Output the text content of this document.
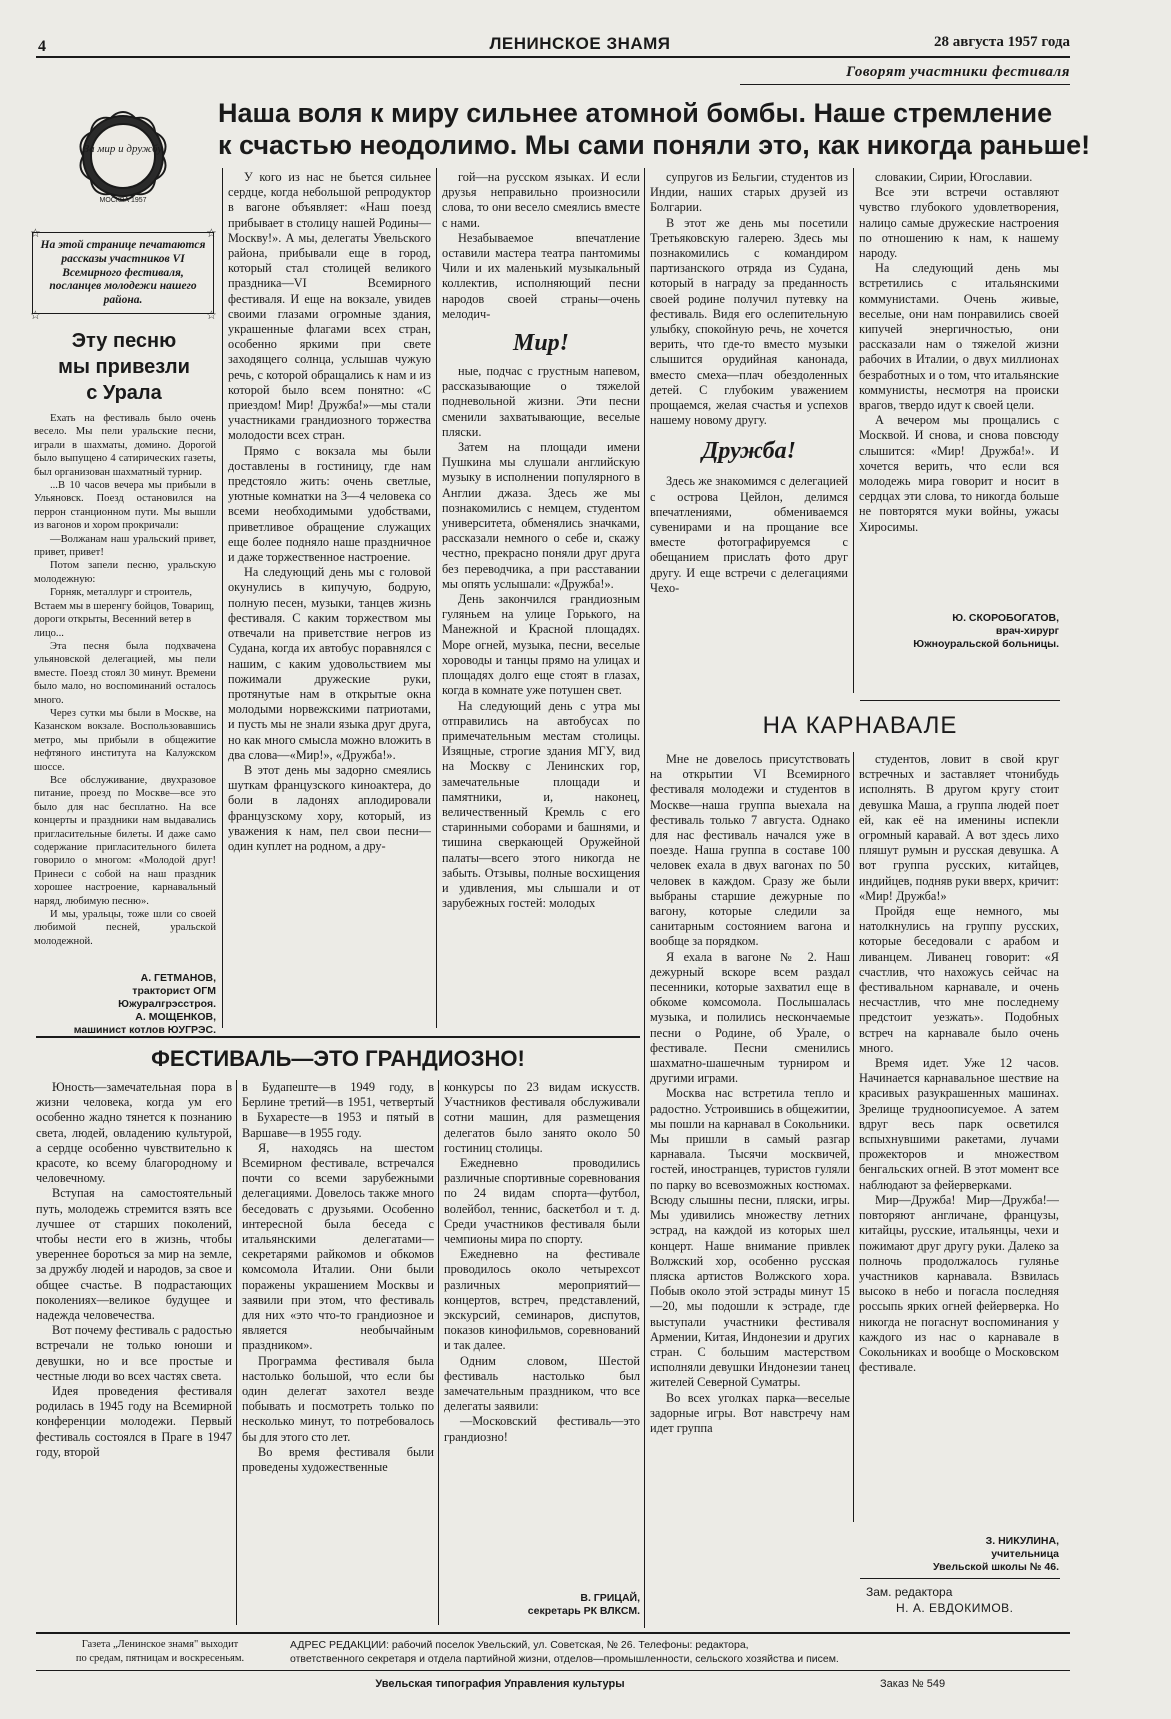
4	ЛЕНИНСКОЕ ЗНАМЯ	28 августа 1957 года
Говорят участники фестиваля
За мир и дружбу
МОСКВА 1957
Наша воля к миру сильнее атомной бомбы. Наше стремление
к счастью неодолимо. Мы сами поняли это, как никогда раньше!
На этой странице печатаются рассказы участников VI Всемирного фестиваля, посланцев молодежи нашего района.
☆	☆
☆	☆
Эту песню
мы привезли
с Урала

Ехать на фестиваль было очень весело. Мы пели уральские песни, играли в шахматы, домино. Дорогой было выпущено 4 сатирических газеты, был организован шахматный турнир.

...В 10 часов вечера мы прибыли в Ульяновск. Поезд остановился на перрон станционном пути. Мы вышли из вагонов и хором прокричали:

—Волжанам наш уральский привет, привет, привет!

Потом запели песню, уральскую молодежную:

Горняк, металлург и строитель, Встаем мы в шеренгу бойцов, Товарищ, дороги открыты, Весенний ветер в лицо...

Эта песня была подхвачена ульяновской делегацией, мы пели вместе. Поезд стоял 30 минут. Времени было мало, но воспоминаний осталось много.

Через сутки мы были в Москве, на Казанском вокзале. Воспользовавшись метро, мы прибыли в общежитие нефтяного института на Калужском шоссе.

Все обслуживание, двухразовое питание, проезд по Москве—все это было для нас бесплатно. На все концерты и праздники нам выдавались пригласительные билеты. И даже само содержание пригласительного билета говорило о многом: «Молодой друг! Принеси с собой на наш праздник хорошее настроение, карнавальный наряд, любимую песню».

И мы, уральцы, тоже шли со своей любимой песней, уральской молодежной.

А. ГЕТМАНОВ,
тракторист ОГМ Южуралгрэсстроя.
А. МОЩЕНКОВ,
машинист котлов ЮУГРЭС.

У кого из нас не бьется сильнее сердце, когда небольшой репродуктор в вагоне объявляет: «Наш поезд прибывает в столицу нашей Родины—Москву!». А мы, делегаты Увельского района, прибывали еще в город, который стал столицей великого праздника—VI Всемирного фестиваля. И еще на вокзале, увидев своими глазами огромные здания, украшенные флагами всех стран, особенно яркими при свете заходящего солнца, услышав чужую речь, с которой обращались к нам и из которой было всем понятно: «С приездом! Мир! Дружба!»—мы стали участниками грандиозного торжества молодости всех стран.

Прямо с вокзала мы были доставлены в гостиницу, где нам предстояло жить: очень светлые, уютные комнатки на 3—4 человека со всеми необходимыми удобствами, приветливое обращение служащих еще более подняло наше праздничное и даже торжественное настроение.

На следующий день мы с головой окунулись в кипучую, бодрую, полную песен, музыки, танцев жизнь фестиваля. С каким торжеством мы отвечали на приветствие негров из Судана, когда их автобус поравнялся с нашим, с каким удовольствием мы пожимали дружеские руки, протянутые нам в открытые окна молодыми норвежскими патриотами, и пусть мы не знали языка друг друга, но как много смысла можно вложить в два слова—«Мир!», «Дружба!».

В этот день мы задорно смеялись шуткам французского киноактера, до боли в ладонях аплодировали французскому хору, который, из уважения к нам, пел свои песни—один куплет на родном, а дру-

гой—на русском языках. И если друзья неправильно произносили слова, то они весело смеялись вместе с нами.

Незабываемое впечатление оставили мастера театра пантомимы Чили и их маленький музыкальный коллектив, исполняющий песни народов своей страны—очень мелодич-

Мир!

ные, подчас с грустным напевом, рассказывающие о тяжелой подневольной жизни. Эти песни сменили захватывающие, веселые пляски.

Затем на площади имени Пушкина мы слушали английскую музыку в исполнении популярного в Англии джаза. Здесь же мы познакомились с немцем, студентом университета, обменялись значками, рассказали немного о себе и, скажу честно, прекрасно поняли друг друга без переводчика, а при расставании мы опять услышали: «Дружба!».

День закончился грандиозным гуляньем на улице Горького, на Манежной и Красной площадях. Море огней, музыка, песни, веселые хороводы и танцы прямо на улицах и площадях долго еще стоят в глазах, когда в комнате уже потушен свет.

На следующий день с утра мы отправились на автобусах по примечательным местам столицы. Изящные, строгие здания МГУ, вид на Москву с Ленинских гор, замечательные площади и памятники, и, наконец, величественный Кремль с его старинными соборами и башнями, и тишина сверкающей Оружейной палаты—всего этого никогда не забыть. Отзывы, полные восхищения и удивления, мы слышали и от зарубежных гостей: молодых

супругов из Бельгии, студентов из Индии, наших старых друзей из Болгарии.

В этот же день мы посетили Третьяковскую галерею. Здесь мы познакомились с командиром партизанского отряда из Судана, который в награду за преданность своей родине получил путевку на фестиваль. Видя его ослепительную улыбку, спокойную речь, не хочется верить, что где-то вместо музыки слышится орудийная канонада, вместо смеха—плач обездоленных детей. С глубоким уважением прощаемся, желая счастья и успехов нашему новому другу.

Дружба!

Здесь же знакомимся с делегацией с острова Цейлон, делимся впечатлениями, обмениваемся сувенирами и на прощание все вместе фотографируемся с обещанием прислать фото друг другу. И еще встречи с делегациями Чехо-

словакии, Сирии, Югославии.

Все эти встречи оставляют чувство глубокого удовлетворения, налицо самые дружеские настроения по отношению к нам, к нашему народу.

На следующий день мы встретились с итальянскими коммунистами. Очень живые, веселые, они нам понравились своей кипучей энергичностью, они рассказали нам о тяжелой жизни рабочих в Италии, о двух миллионах безработных и о том, что итальянские коммунисты, несмотря на происки врагов, твердо идут к своей цели.

А вечером мы прощались с Москвой. И снова, и снова повсюду слышится: «Мир! Дружба!». И хочется верить, что если вся молодежь мира говорит и носит в сердцах эти слова, то никогда больше не повторятся муки войны, ужасы Хиросимы.

Ю. СКОРОБОГАТОВ,
врач-хирург
Южноуральской больницы.
НА КАРНАВАЛЕ

Мне не довелось присутствовать на открытии VI Всемирного фестиваля молодежи и студентов в Москве—наша группа выехала на фестиваль только 7 августа. Однако для нас фестиваль начался уже в поезде. Наша группа в составе 100 человек ехала в двух вагонах по 50 человек в каждом. Сразу же были выбраны старшие дежурные по вагону, которые следили за санитарным состоянием вагона и вообще за порядком.

Я ехала в вагоне № 2. Наш дежурный вскоре всем раздал песенники, которые захватил еще в обкоме комсомола. Послышалась музыка, и полились нескончаемые песни о Родине, об Урале, о фестивале. Песни сменились шахматно-шашечным турниром и другими играми.

Москва нас встретила тепло и радостно. Устроившись в общежитии, мы пошли на карнавал в Сокольники. Мы пришли в самый разгар карнавала. Тысячи москвичей, гостей, иностранцев, туристов гуляли по парку во всевозможных костюмах. Всюду слышны песни, пляски, игры. Мы удивились множеству летних эстрад, на каждой из которых шел концерт. Наше внимание привлек Волжский хор, особенно русская пляска артистов Волжского хора. Побыв около этой эстрады минут 15—20, мы подошли к эстраде, где выступали участники фестиваля Армении, Китая, Индонезии и других стран. С большим мастерством исполняли девушки Индонезии танец жителей Северной Суматры.

Во всех уголках парка—веселые задорные игры. Вот навстречу нам идет группа

студентов, ловит в свой круг встречных и заставляет чтонибудь исполнять. В другом кругу стоит девушка Маша, а группа людей поет ей, как её на именины испекли огромный каравай. А вот здесь лихо пляшут румын и русская девушка. А вот группа русских, китайцев, индийцев, подняв руки вверх, кричит: «Мир! Дружба!»

Пройдя еще немного, мы натолкнулись на группу русских, которые беседовали с арабом и ливанцем. Ливанец говорит: «Я счастлив, что нахожусь сейчас на фестивальном карнавале, и очень несчастлив, что мне последнему предстоит уезжать». Подобных встреч на карнавале было очень много.

Время идет. Уже 12 часов. Начинается карнавальное шествие на красивых разукрашенных машинах. Зрелище трудноописуемое. А затем вдруг весь парк осветился вспыхнувшими ракетами, лучами прожекторов и множеством бенгальских огней. В этот момент все наблюдают за фейерверками.

Мир—Дружба! Мир—Дружба!—повторяют англичане, французы, китайцы, русские, итальянцы, чехи и пожимают друг другу руки. Далеко за полночь продолжалось гулянье участников карнавала. Взвилась высоко в небо и погасла последняя россыпь ярких огней фейерверка. Но никогда не погаснут воспоминания у каждого из нас о карнавале в Сокольниках и вообще о Московском фестивале.

З. НИКУЛИНА,
учительница
Увельской школы № 46.
Зам. редактора
Н. А. ЕВДОКИМОВ.
ФЕСТИВАЛЬ—ЭТО ГРАНДИОЗНО!

Юность—замечательная пора в жизни человека, когда ум его особенно жадно тянется к познанию света, людей, овладению культурой, а сердце особенно чувствительно к красоте, ко всему благородному и человечному.

Вступая на самостоятельный путь, молодежь стремится взять все лучшее от старших поколений, чтобы нести его в жизнь, чтобы увереннее бороться за мир на земле, за дружбу людей и народов, за свое и общее счастье. В подрастающих поколениях—великое будущее и надежда человечества.

Вот почему фестиваль с радостью встречали не только юноши и девушки, но и все простые и честные люди во всех частях света.

Идея проведения фестиваля родилась в 1945 году на Всемирной конференции молодежи. Первый фестиваль состоялся в Праге в 1947 году, второй

в Будапеште—в 1949 году, в Берлине третий—в 1951, четвертый в Бухаресте—в 1953 и пятый в Варшаве—в 1955 году.

Я, находясь на шестом Всемирном фестивале, встречался почти со всеми зарубежными делегациями. Довелось также много беседовать с друзьями. Особенно интересной была беседа с итальянскими делегатами—секретарями райкомов и обкомов комсомола Италии. Они были поражены украшением Москвы и заявили при этом, что фестиваль для них «это что-то грандиозное и является необычайным праздником».

Программа фестиваля была настолько большой, что если бы один делегат захотел везде побывать и посмотреть только по несколько минут, то потребовалось бы для этого сто лет.

Во время фестиваля были проведены художественные

конкурсы по 23 видам искусств. Участников фестиваля обслуживали сотни машин, для размещения делегатов было занято около 50 гостиниц столицы.

Ежедневно проводились различные спортивные соревнования по 24 видам спорта—футбол, волейбол, теннис, баскетбол и т. д. Среди участников фестиваля были чемпионы мира по спорту.

Ежедневно на фестивале проводилось около четырехсот различных мероприятий—концертов, встреч, представлений, экскурсий, семинаров, диспутов, показов кинофильмов, соревнований и так далее.

Одним словом, Шестой фестиваль настолько был замечательным праздником, что все делегаты заявили:

—Московский фестиваль—это грандиозно!

В. ГРИЦАЙ,
секретарь РК ВЛКСМ.
Газета „Ленинское знамя" выходит
по средам, пятницам и воскресеньям.
АДРЕС РЕДАКЦИИ: рабочий поселок Увельский, ул. Советская, № 26. Телефоны: редактора,
ответственного секретаря и отдела партийной жизни, отделов—промышленности, сельского хозяйства и писем.
Увельская типография Управления культуры	Заказ № 549
